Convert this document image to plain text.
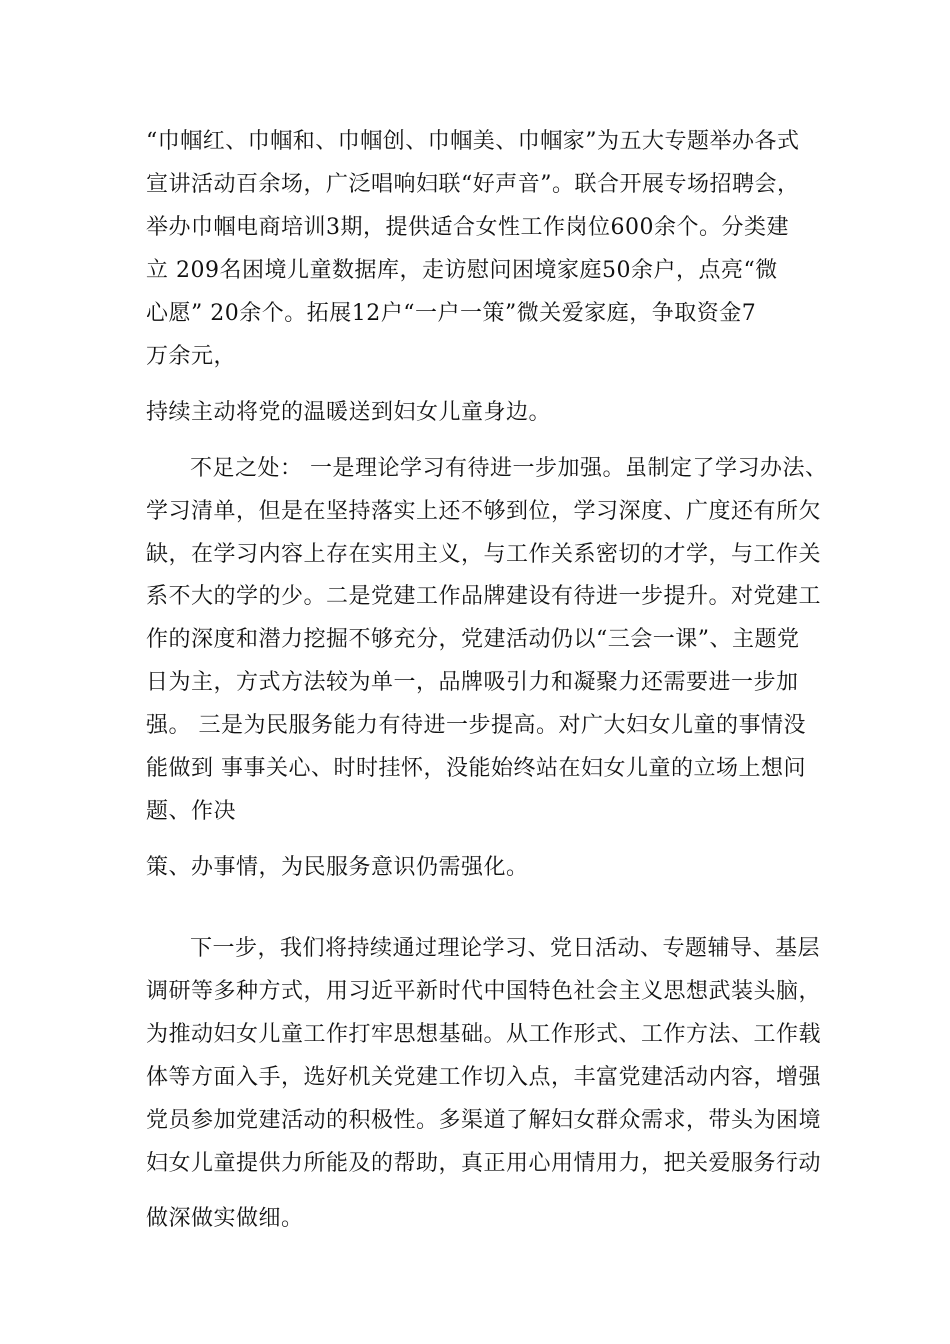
“巾帼红、巾帼和、巾帼创、巾帼美、巾帼家”为五大专题举办各式
宣讲活动百余场，广泛唱响妇联“好声音”。联合开展专场招聘会，
举办巾帼电商培训3期，提供适合女性工作岗位600余个。分类建
立 209名困境儿童数据库，走访慰问困境家庭50余户，点亮“微
心愿” 20余个。拓展12户“一户一策”微关爱家庭，争取资金7
万余元，
持续主动将党的温暖送到妇女儿童身边。
不足之处： 一是理论学习有待进一步加强。虽制定了学习办法、
学习清单，但是在坚持落实上还不够到位，学习深度、广度还有所欠
缺，在学习内容上存在实用主义，与工作关系密切的才学，与工作关
系不大的学的少。二是党建工作品牌建设有待进一步提升。对党建工
作的深度和潜力挖掘不够充分，党建活动仍以“三会一课”、主题党
日为主，方式方法较为单一，品牌吸引力和凝聚力还需要进一步加
强。 三是为民服务能力有待进一步提高。对广大妇女儿童的事情没
能做到 事事关心、时时挂怀，没能始终站在妇女儿童的立场上想问
题、作决
策、办事情，为民服务意识仍需强化。
下一步，我们将持续通过理论学习、党日活动、专题辅导、基层
调研等多种方式，用习近平新时代中国特色社会主义思想武装头脑，
为推动妇女儿童工作打牢思想基础。从工作形式、工作方法、工作载
体等方面入手，选好机关党建工作切入点，丰富党建活动内容，增强
党员参加党建活动的积极性。多渠道了解妇女群众需求，带头为困境
妇女儿童提供力所能及的帮助，真正用心用情用力，把关爱服务行动
做深做实做细。
